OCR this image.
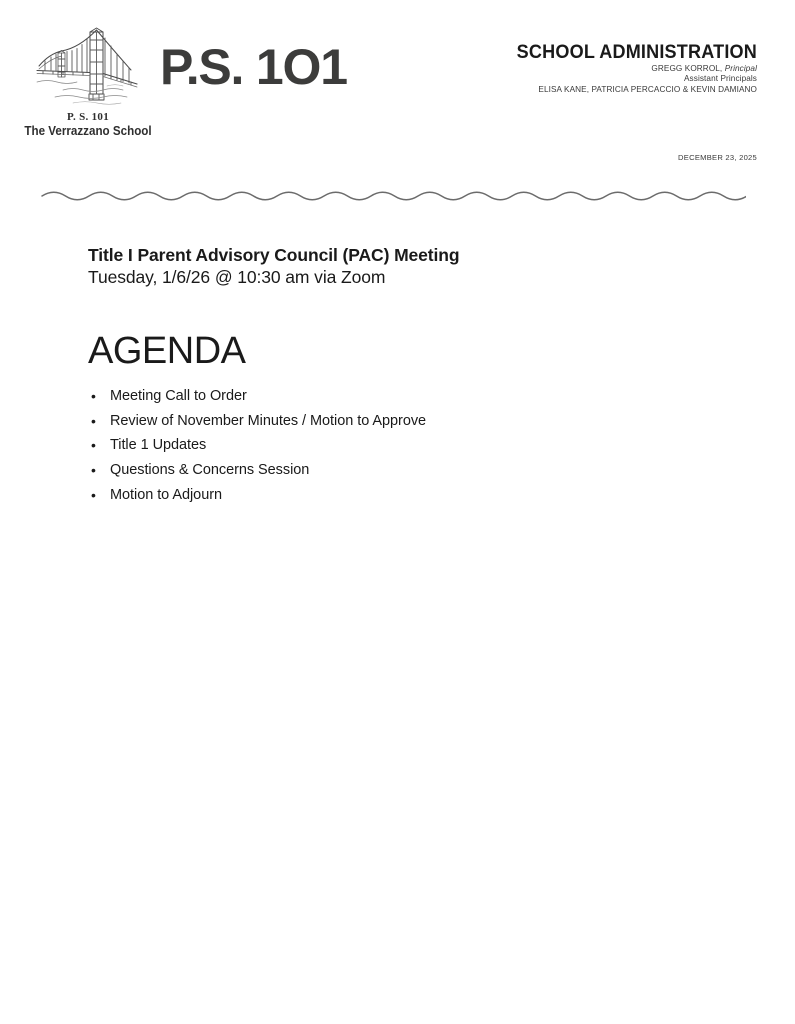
P. S. 101
The Verrazzano School
P.S. 1O1	SCHOOL ADMINISTRATION
GREGG KORROL, Principal
Assistant Principals
ELISA KANE, PATRICIA PERCACCIO & KEVIN DAMIANO
DECEMBER 23, 2025
Title I Parent Advisory Council (PAC) Meeting
Tuesday, 1/6/26 @ 10:30 am via Zoom
AGENDA
• Meeting Call to Order
• Review of November Minutes / Motion to Approve
• Title 1 Updates
• Questions & Concerns Session
• Motion to Adjourn
